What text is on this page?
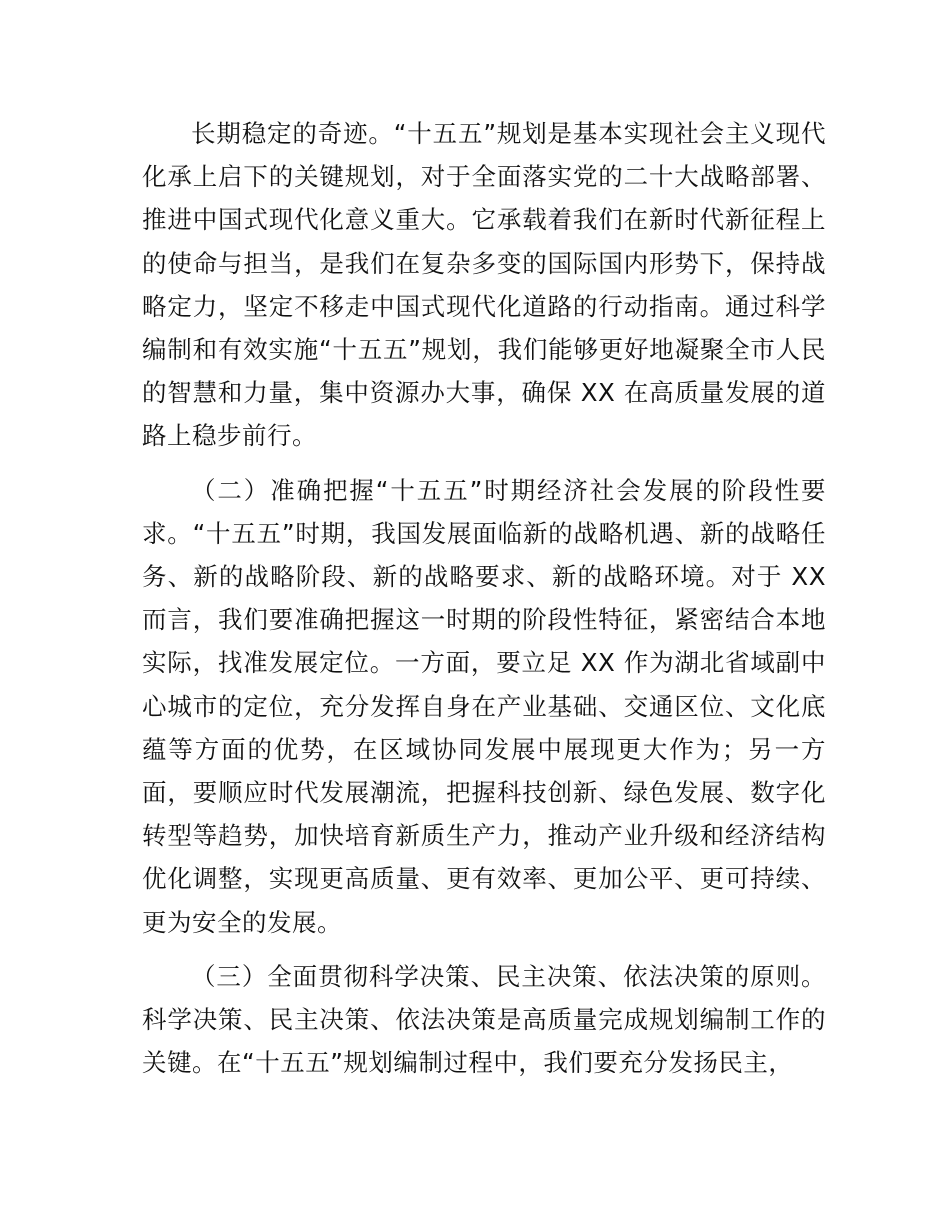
长期稳定的奇迹。“十五五”规划是基本实现社会主义现代化承上启下的关键规划，对于全面落实党的二十大战略部署、推进中国式现代化意义重大。它承载着我们在新时代新征程上的使命与担当，是我们在复杂多变的国际国内形势下，保持战略定力，坚定不移走中国式现代化道路的行动指南。通过科学编制和有效实施“十五五”规划，我们能够更好地凝聚全市人民的智慧和力量，集中资源办大事，确保 XX 在高质量发展的道路上稳步前行。

（二）准确把握“十五五”时期经济社会发展的阶段性要求。“十五五”时期，我国发展面临新的战略机遇、新的战略任务、新的战略阶段、新的战略要求、新的战略环境。对于 XX 而言，我们要准确把握这一时期的阶段性特征，紧密结合本地实际，找准发展定位。一方面，要立足 XX 作为湖北省域副中心城市的定位，充分发挥自身在产业基础、交通区位、文化底蕴等方面的优势，在区域协同发展中展现更大作为；另一方面，要顺应时代发展潮流，把握科技创新、绿色发展、数字化转型等趋势，加快培育新质生产力，推动产业升级和经济结构优化调整，实现更高质量、更有效率、更加公平、更可持续、更为安全的发展。

（三）全面贯彻科学决策、民主决策、依法决策的原则。科学决策、民主决策、依法决策是高质量完成规划编制工作的关键。在“十五五”规划编制过程中，我们要充分发扬民主，
